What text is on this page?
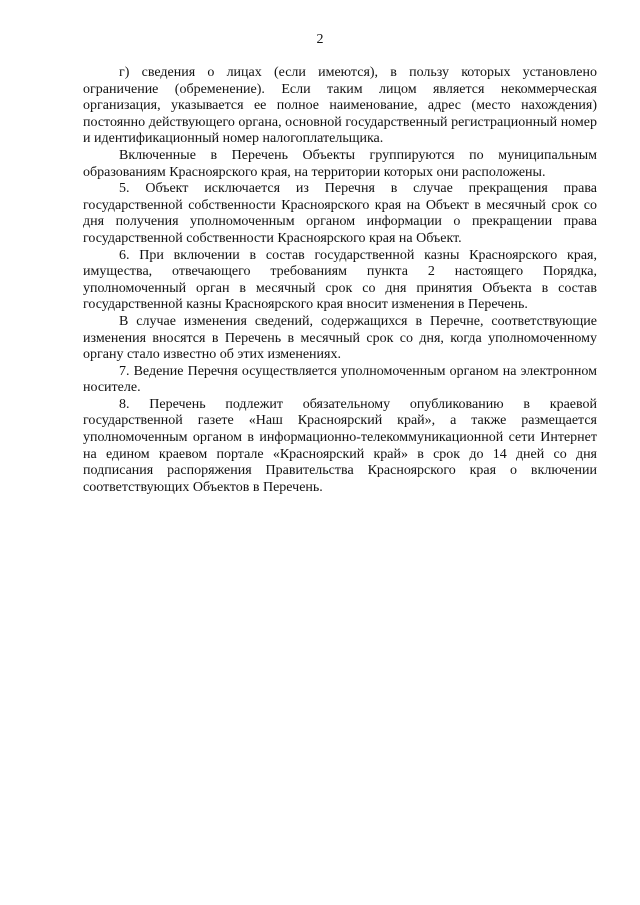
2

г) сведения о лицах (если имеются), в пользу которых установлено ограничение (обременение). Если таким лицом является некоммерческая организация, указывается ее полное наименование, адрес (место нахождения) постоянно действующего органа, основной государственный регистрационный номер и идентификационный номер налогоплательщика.

Включенные в Перечень Объекты группируются по муниципальным образованиям Красноярского края, на территории которых они расположены.

5. Объект исключается из Перечня в случае прекращения права государственной собственности Красноярского края на Объект в месячный срок со дня получения уполномоченным органом информации о прекращении права государственной собственности Красноярского края на Объект.

6. При включении в состав государственной казны Красноярского края, имущества, отвечающего требованиям пункта 2 настоящего Порядка, уполномоченный орган в месячный срок со дня принятия Объекта в состав государственной казны Красноярского края вносит изменения в Перечень.

В случае изменения сведений, содержащихся в Перечне, соответствующие изменения вносятся в Перечень в месячный срок со дня, когда уполномоченному органу стало известно об этих изменениях.

7. Ведение Перечня осуществляется уполномоченным органом на электронном носителе.

8. Перечень подлежит обязательному опубликованию в краевой государственной газете «Наш Красноярский край», а также размещается уполномоченным органом в информационно-телекоммуникационной сети Интернет на едином краевом портале «Красноярский край» в срок до 14 дней со дня подписания распоряжения Правительства Красноярского края о включении соответствующих Объектов в Перечень.
